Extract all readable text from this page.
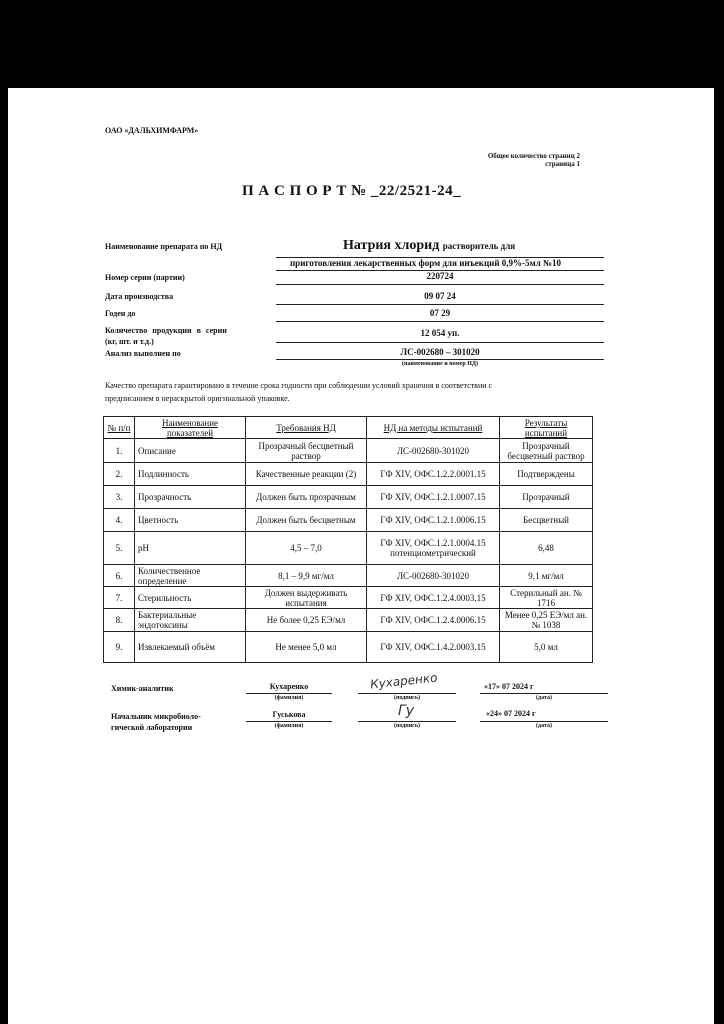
ОАО «ДАЛЬХИМФАРМ»
Общее количество страниц 2
страница 1
П А С П О Р Т № _22/2521-24_
Наименование препарата по НД	Натрия хлорид растворитель для
приготовления лекарственных форм для инъекций 0,9%-5мл №10
Номер серии (партии)	220724
Дата производства	09 07 24
Годен до	07 29
Количество продукции в серии
(кг, шт. и т.д.)
12 054 уп.
Анализ выполнен по	ЛС-002680 – 301020
(наименование и номер НД)
Качество препарата гарантировано в течение срока годности при соблюдении условий хранения в соответствии с
предписанием в нераскрытой оригинальной упаковке.
№ п/п	Наименование показателей	Требования НД	НД на методы испытаний	Результаты испытаний
1.	Описание	Прозрачный бесцветный раствор	ЛС-002680-301020	Прозрачный бесцветный раствор
2.	Подлинность	Качественные реакции (2)	ГФ XIV, ОФС.1.2.2.0001.15	Подтверждены
3.	Прозрачность	Должен быть прозрачным	ГФ XIV, ОФС.1.2.1.0007.15	Прозрачный
4.	Цветность	Должен быть бесцветным	ГФ XIV, ОФС.1.2.1.0006.15	Бесцветный
5.	pH	4,5 – 7,0	ГФ XIV, ОФС.1.2.1.0004.15 потенциометрический	6,48
6.	Количественное определение	8,1 – 9,9 мг/мл	ЛС-002680-301020	9,1 мг/мл
7.	Стерильность	Должен выдерживать испытания	ГФ XIV, ОФС.1.2.4.0003.15	Стерильный ан. № 1716
8.	Бактериальные эндотоксины	Не более 0,25 ЕЭ/мл	ГФ XIV, ОФС.1.2.4.0006.15	Менее 0,25 ЕЭ/мл ан. № 1038
9.	Извлекаемый объём	Не менее 5,0 мл	ГФ XIV, ОФС.1.4.2.0003.15	5,0 мл
Химик-аналитик	Кухаренко
(фамилия)
Кухаренко
(подпись)
«17» 07 2024 г
(дата)
Начальник микробиоло-
гической лаборатории
Гуськова
(фамилия)
Гу
(подпись)
«24» 07 2024 г
(дата)
